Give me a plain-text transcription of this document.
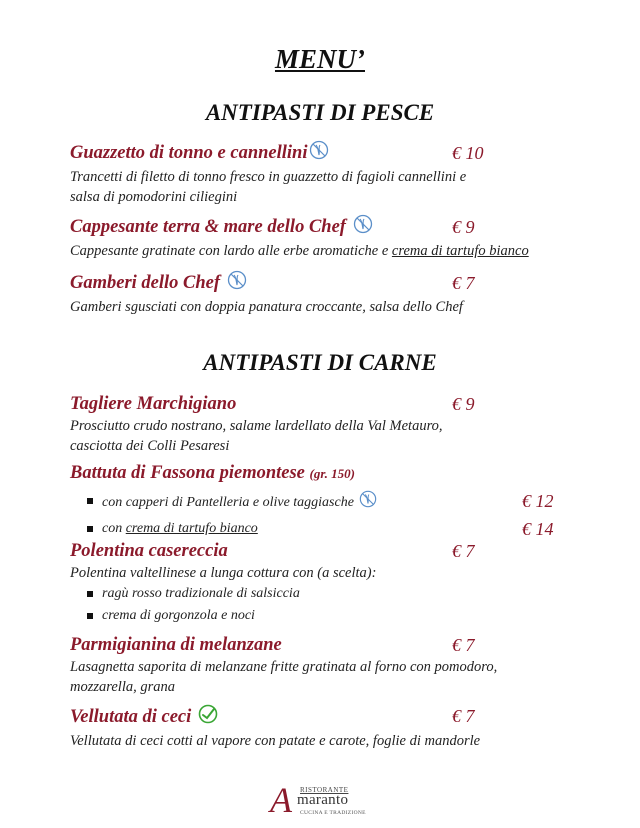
MENU’
ANTIPASTI DI PESCE
Guazzetto di tonno e cannellini
Trancetti di filetto di tonno fresco in guazzetto di fagioli cannellini e
salsa di pomodorini ciliegini
€ 10
Cappesante terra & mare dello Chef
Cappesante gratinate con lardo alle erbe aromatiche e crema di tartufo bianco
€ 9
Gamberi dello Chef
Gamberi sgusciati con doppia panatura croccante, salsa dello Chef
€ 7
ANTIPASTI DI CARNE
Tagliere Marchigiano
Prosciutto crudo nostrano, salame lardellato della Val Metauro,
casciotta dei Colli Pesaresi
€ 9
Battuta di Fassona piemontese (gr. 150)
con capperi di Pantelleria e olive taggiasche	€ 12
con crema di tartufo bianco	€ 14
Polentina casereccia
Polentina valtellinese a lunga cottura con (a scelta):
ragù rosso tradizionale di salsiccia
crema di gorgonzola e noci
€ 7
Parmigianina di melanzane
Lasagnetta saporita di melanzane fritte gratinata al forno con pomodoro,
mozzarella, grana
€ 7
Vellutata di ceci
Vellutata di ceci cotti al vapore con patate e carote, foglie di mandorle
€ 7
A RISTORANTE
maranto
CUCINA E TRADIZIONE
